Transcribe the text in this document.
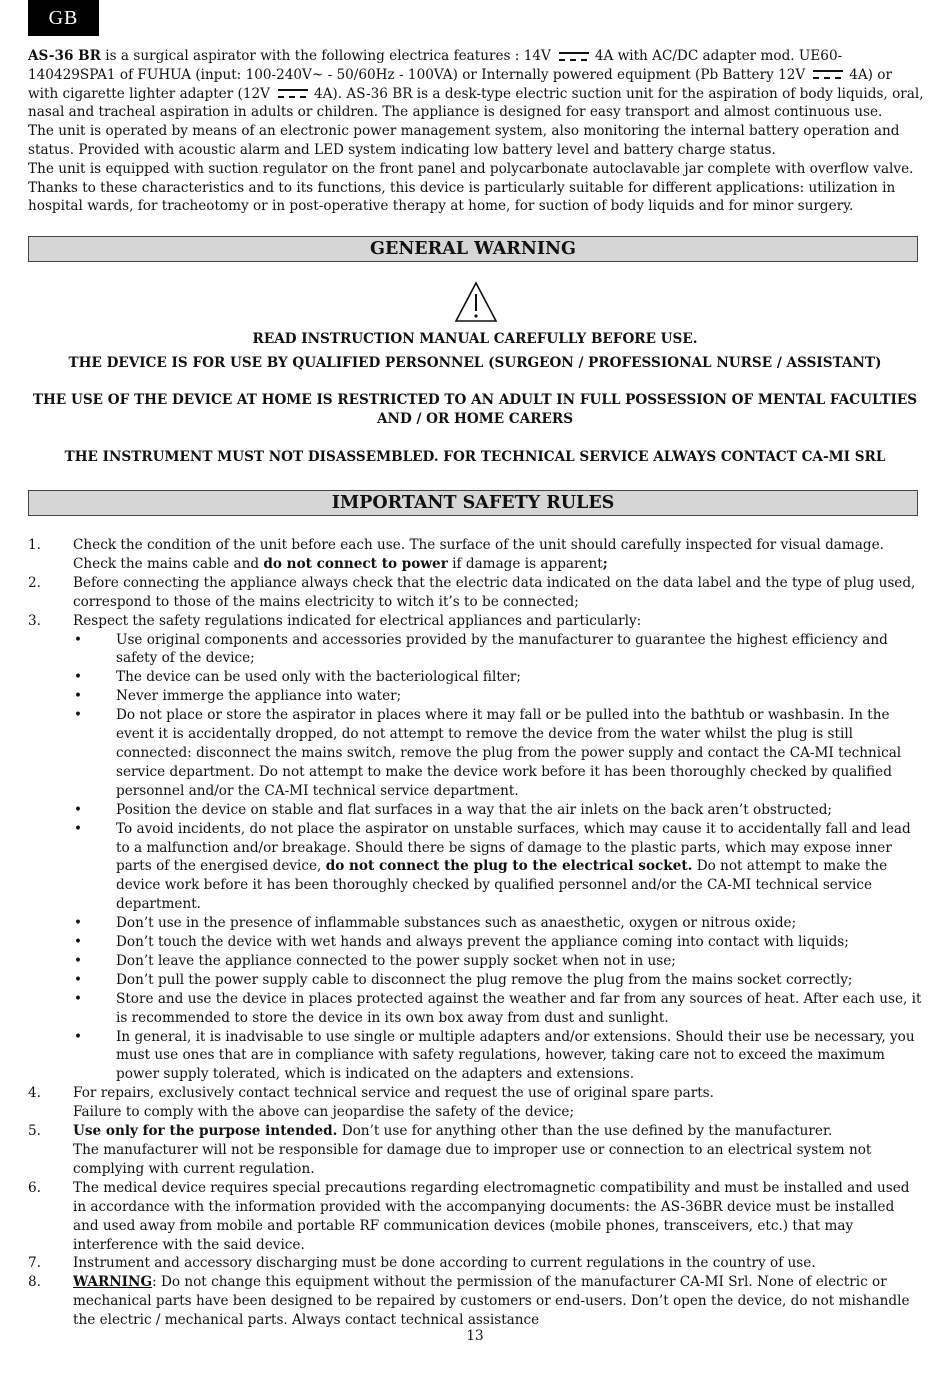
GB

AS-36 BR is a surgical aspirator with the following electrica features : 14V	4A with AC/DC adapter mod. UE60-140429SPA1 of FUHUA (input: 100-240V~ - 50/60Hz - 100VA) or Internally powered equipment (Pb Battery 12V	4A) or with cigarette lighter adapter (12V	4A). AS-36 BR is a desk-type electric suction unit for the aspiration of body liquids, oral, nasal and tracheal aspiration in adults or children. The appliance is designed for easy transport and almost continuous use.

The unit is operated by means of an electronic power management system, also monitoring the internal battery operation and status. Provided with acoustic alarm and LED system indicating low battery level and battery charge status.

The unit is equipped with suction regulator on the front panel and polycarbonate autoclavable jar complete with overflow valve.

Thanks to these characteristics and to its functions, this device is particularly suitable for different applications: utilization in hospital wards, for tracheotomy or in post-operative therapy at home, for suction of body liquids and for minor surgery.

GENERAL WARNING
READ INSTRUCTION MANUAL CAREFULLY BEFORE USE.
THE DEVICE IS FOR USE BY QUALIFIED PERSONNEL (SURGEON / PROFESSIONAL NURSE / ASSISTANT)
THE USE OF THE DEVICE AT HOME IS RESTRICTED TO AN ADULT IN FULL POSSESSION OF MENTAL FACULTIES AND / OR HOME CARERS
THE INSTRUMENT MUST NOT DISASSEMBLED. FOR TECHNICAL SERVICE ALWAYS CONTACT CA-MI SRL
IMPORTANT SAFETY RULES
1. Check the condition of the unit before each use. The surface of the unit should carefully inspected for visual damage.
Check the mains cable and do not connect to power if damage is apparent;
2. Before connecting the appliance always check that the electric data indicated on the data label and the type of plug used, correspond to those of the mains electricity to witch it’s to be connected;
3. Respect the safety regulations indicated for electrical appliances and particularly:
• Use original components and accessories provided by the manufacturer to guarantee the highest efficiency and safety of the device;
• The device can be used only with the bacteriological filter;
• Never immerge the appliance into water;
• Do not place or store the aspirator in places where it may fall or be pulled into the bathtub or washbasin. In the event it is accidentally dropped, do not attempt to remove the device from the water whilst the plug is still connected: disconnect the mains switch, remove the plug from the power supply and contact the CA-MI technical service department. Do not attempt to make the device work before it has been thoroughly checked by qualified personnel and/or the CA-MI technical service department.
• Position the device on stable and flat surfaces in a way that the air inlets on the back aren’t obstructed;
• To avoid incidents, do not place the aspirator on unstable surfaces, which may cause it to accidentally fall and lead to a malfunction and/or breakage. Should there be signs of damage to the plastic parts, which may expose inner parts of the energised device, do not connect the plug to the electrical socket. Do not attempt to make the device work before it has been thoroughly checked by qualified personnel and/or the CA-MI technical service department.
• Don’t use in the presence of inflammable substances such as anaesthetic, oxygen or nitrous oxide;
• Don’t touch the device with wet hands and always prevent the appliance coming into contact with liquids;
• Don’t leave the appliance connected to the power supply socket when not in use;
• Don’t pull the power supply cable to disconnect the plug remove the plug from the mains socket correctly;
• Store and use the device in places protected against the weather and far from any sources of heat. After each use, it is recommended to store the device in its own box away from dust and sunlight.
• In general, it is inadvisable to use single or multiple adapters and/or extensions. Should their use be necessary, you must use ones that are in compliance with safety regulations, however, taking care not to exceed the maximum power supply tolerated, which is indicated on the adapters and extensions.
4. For repairs, exclusively contact technical service and request the use of original spare parts.
Failure to comply with the above can jeopardise the safety of the device;
5. Use only for the purpose intended. Don’t use for anything other than the use defined by the manufacturer.
The manufacturer will not be responsible for damage due to improper use or connection to an electrical system not complying with current regulation.
6. The medical device requires special precautions regarding electromagnetic compatibility and must be installed and used in accordance with the information provided with the accompanying documents: the AS-36BR device must be installed and used away from mobile and portable RF communication devices (mobile phones, transceivers, etc.) that may interference with the said device.
7. Instrument and accessory discharging must be done according to current regulations in the country of use.
8. WARNING: Do not change this equipment without the permission of the manufacturer CA-MI Srl. None of electric or mechanical parts have been designed to be repaired by customers or end-users. Don’t open the device, do not mishandle the electric / mechanical parts. Always contact technical assistance
13
